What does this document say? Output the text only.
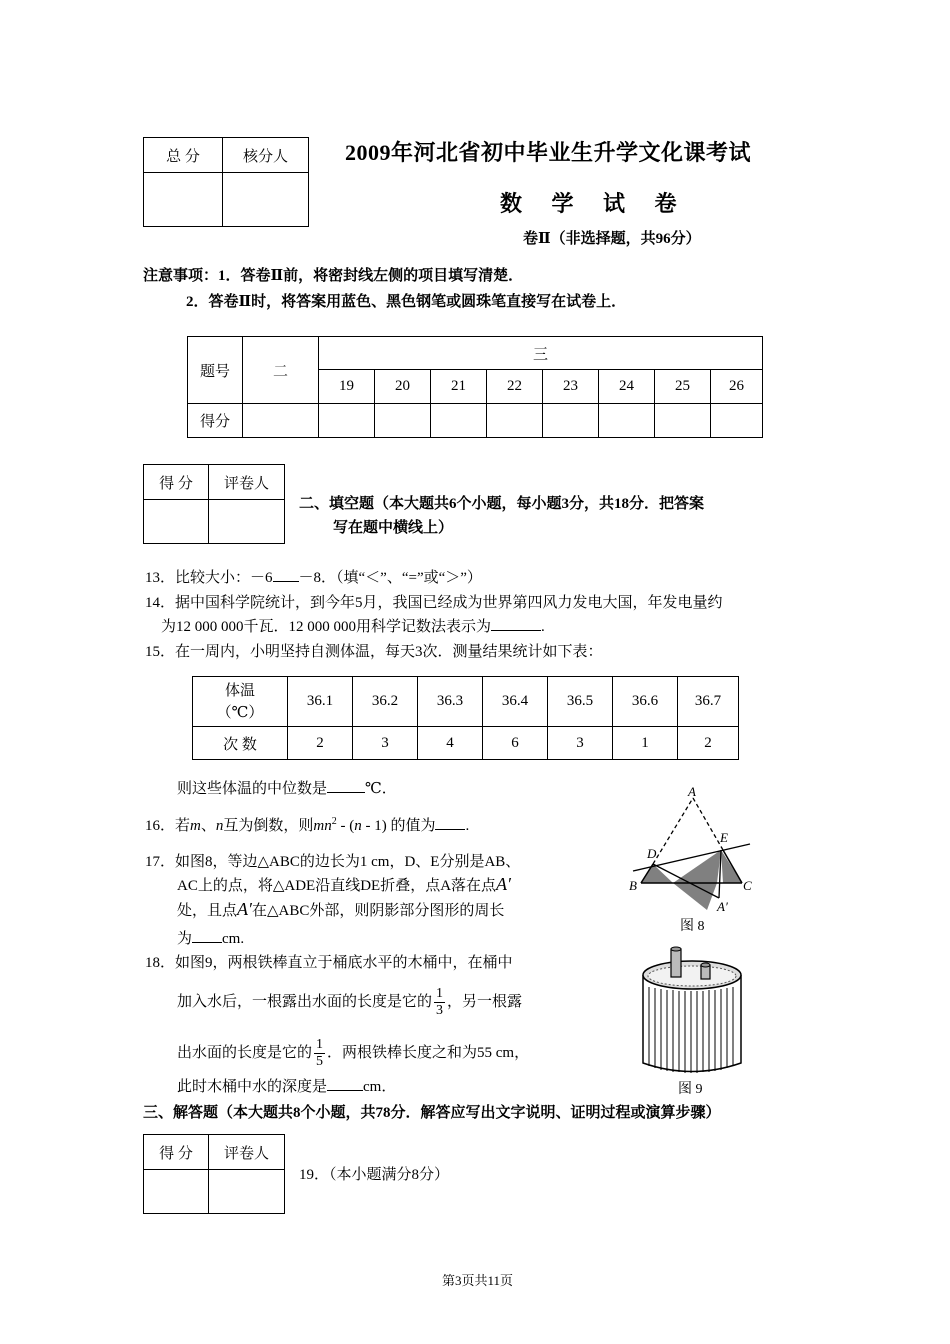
总 分	核分人
		2009年河北省初中毕业生升学文化课考试
数 学 试 卷
卷Ⅱ（非选择题，共96分）
注意事项：1．答卷Ⅱ前，将密封线左侧的项目填写清楚．
2．答卷Ⅱ时，将答案用蓝色、黑色钢笔或圆珠笔直接写在试卷上．
题号	二	三							
		19	20	21	22	23	24	25	26
得分									
得 分	评卷人

二、填空题（本大题共6个小题，每小题3分，共18分．把答案
写在题中横线上）
13．比较大小：－6 －8．（填“＜”、“=”或“＞”）
14．据中国科学院统计，到今年5月，我国已经成为世界第四风力发电大国，年发电量约
为12 000 000千瓦．12 000 000用科学记数法表示为	.
15．在一周内，小明坚持自测体温，每天3次．测量结果统计如下表：
体温
（℃）	36.1	36.2	36.3	36.4	36.5	36.6	36.7
次 数	2	3	4	6	3	1	2
则这些体温的中位数是	℃．
16．若m、n互为倒数，则$mn^2 - (n - 1)$ 的值为 .
17．如图8，等边△ABC的边长为1 cm，D、E分别是AB、
AC上的点，将△ADE沿直线DE折叠，点A落在点A′
处，且点A′在△ABC外部，则阴影部分图形的周长
为 cm.
A
B	C
D
E
A′
图 8
18．如图9，两根铁棒直立于桶底水平的木桶中，在桶中
加入水后，一根露出水面的长度是它的 $\frac{1}{3}$ ，另一根露
出水面的长度是它的 $\frac{1}{5}$ ．两根铁棒长度之和为55 cm，
此时木桶中水的深度是 cm．	图 9
三、解答题（本大题共8个小题，共78分．解答应写出文字说明、证明过程或演算步骤）
得 分	评卷人

19．（本小题满分8分）
第3页共11页
